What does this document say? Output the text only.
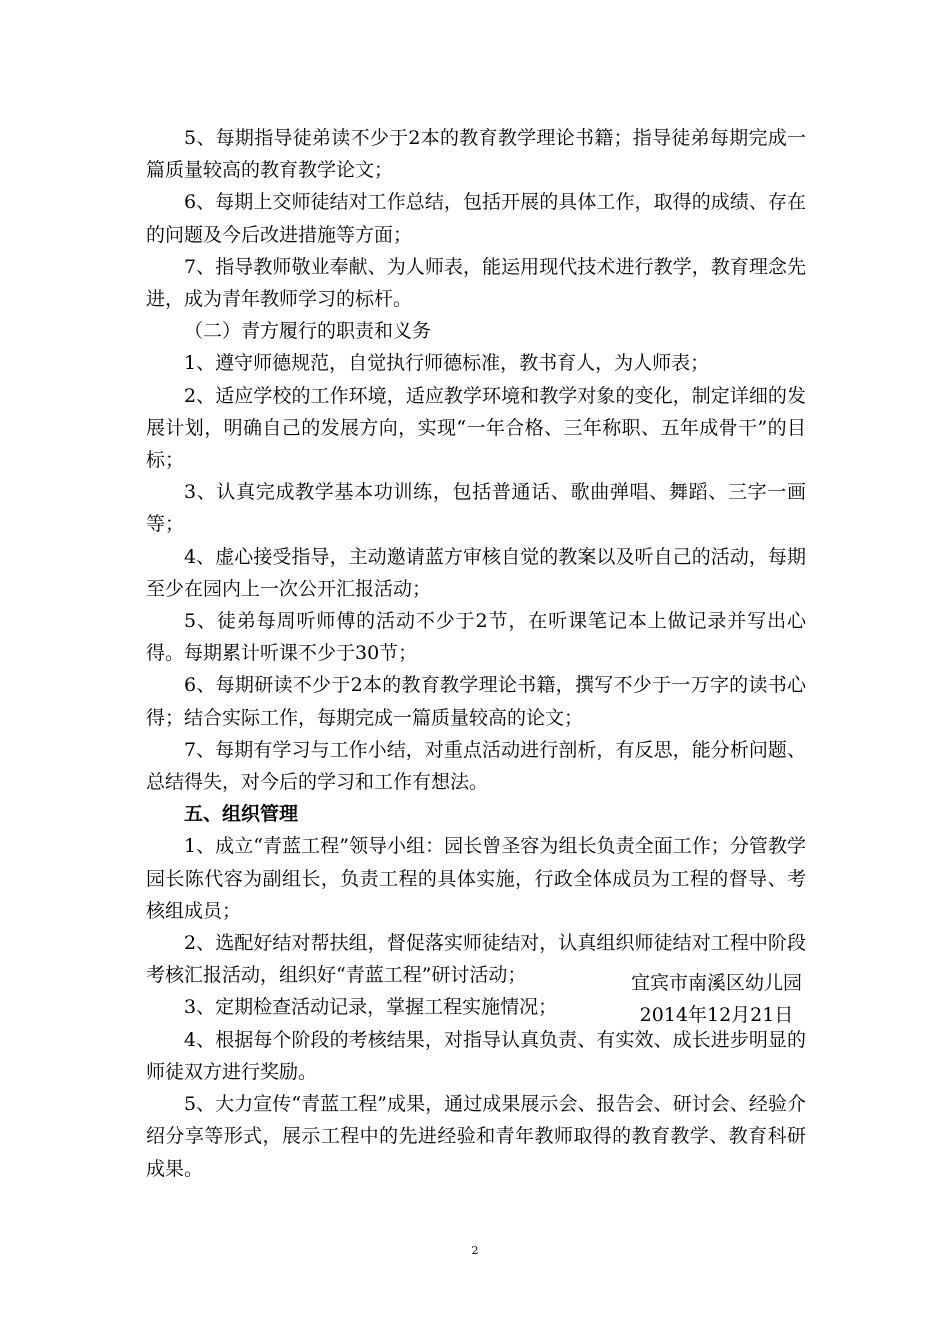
5、每期指导徒弟读不少于2本的教育教学理论书籍；指导徒弟每期完成一篇质量较高的教育教学论文；

6、每期上交师徒结对工作总结，包括开展的具体工作，取得的成绩、存在的问题及今后改进措施等方面；

7、指导教师敬业奉献、为人师表，能运用现代技术进行教学，教育理念先进，成为青年教师学习的标杆。

（二）青方履行的职责和义务

1、遵守师德规范，自觉执行师德标准，教书育人，为人师表；

2、适应学校的工作环境，适应教学环境和教学对象的变化，制定详细的发展计划，明确自己的发展方向，实现“一年合格、三年称职、五年成骨干”的目标；

3、认真完成教学基本功训练，包括普通话、歌曲弹唱、舞蹈、三字一画等；

4、虚心接受指导，主动邀请蓝方审核自觉的教案以及听自己的活动，每期至少在园内上一次公开汇报活动；

5、徒弟每周听师傅的活动不少于2节，在听课笔记本上做记录并写出心得。每期累计听课不少于30节；

6、每期研读不少于2本的教育教学理论书籍，撰写不少于一万字的读书心得；结合实际工作，每期完成一篇质量较高的论文；

7、每期有学习与工作小结，对重点活动进行剖析，有反思，能分析问题、总结得失，对今后的学习和工作有想法。

五、组织管理

1、成立“青蓝工程”领导小组：园长曾圣容为组长负责全面工作；分管教学园长陈代容为副组长，负责工程的具体实施，行政全体成员为工程的督导、考核组成员；

2、选配好结对帮扶组，督促落实师徒结对，认真组织师徒结对工程中阶段考核汇报活动，组织好“青蓝工程”研讨活动；

3、定期检查活动记录，掌握工程实施情况；

4、根据每个阶段的考核结果，对指导认真负责、有实效、成长进步明显的师徒双方进行奖励。

5、大力宣传“青蓝工程”成果，通过成果展示会、报告会、研讨会、经验介绍分享等形式，展示工程中的先进经验和青年教师取得的教育教学、教育科研成果。

宜宾市南溪区幼儿园
2014年12月21日
2
